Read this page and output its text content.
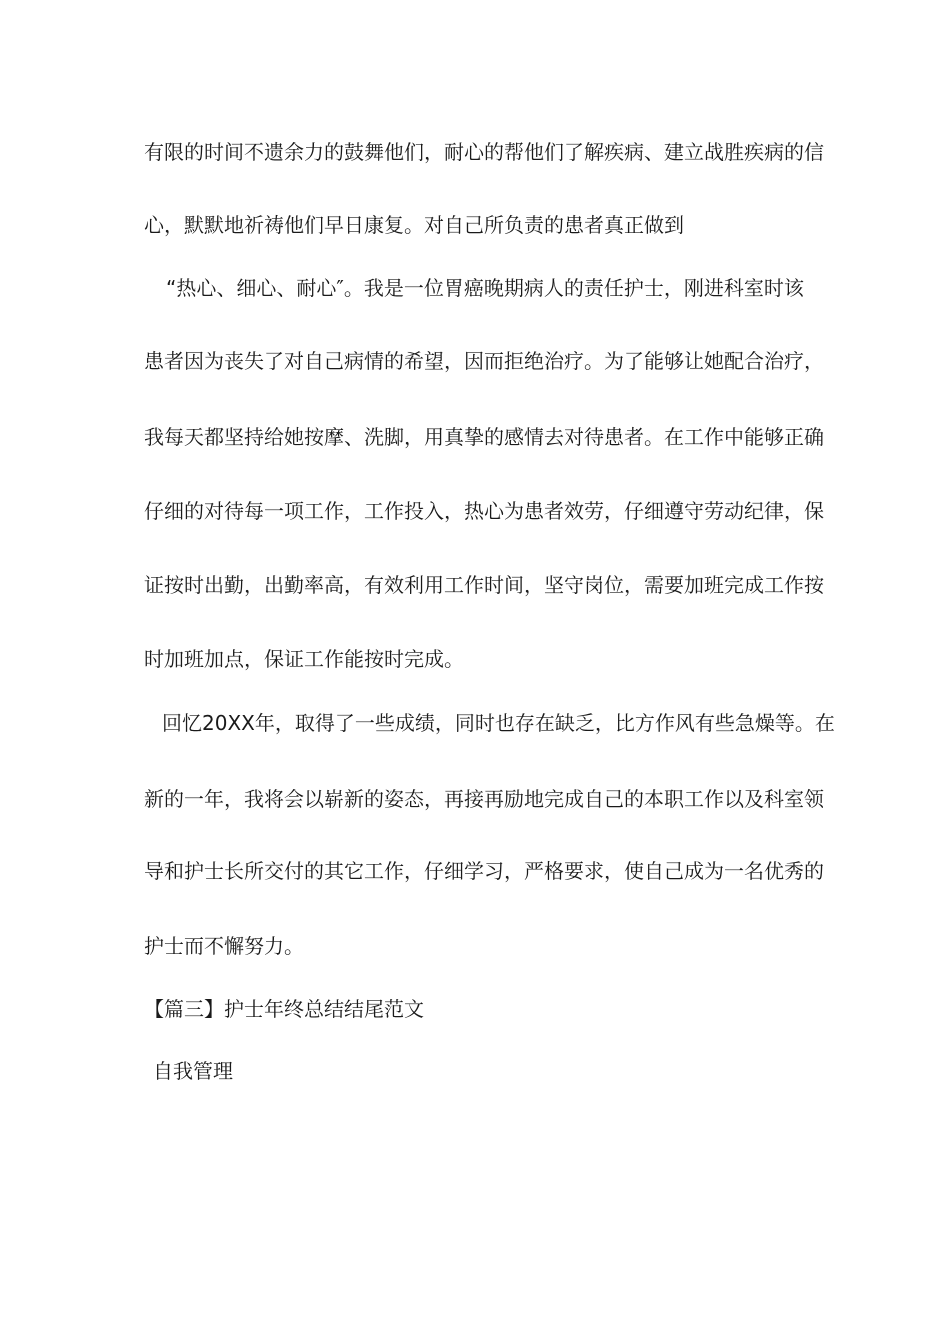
有限的时间不遗余力的鼓舞他们，耐心的帮他们了解疾病、建立战胜疾病的信
心，默默地祈祷他们早日康复。对自己所负责的患者真正做到
“热心、细心、耐心″。我是一位胃癌晚期病人的责任护士，刚进科室时该
患者因为丧失了对自己病情的希望，因而拒绝治疗。为了能够让她配合治疗，
我每天都坚持给她按摩、洗脚，用真挚的感情去对待患者。在工作中能够正确
仔细的对待每一项工作，工作投入，热心为患者效劳，仔细遵守劳动纪律，保
证按时出勤，出勤率高，有效利用工作时间，坚守岗位，需要加班完成工作按
时加班加点，保证工作能按时完成。
回忆20XX年，取得了一些成绩，同时也存在缺乏，比方作风有些急燥等。在
新的一年，我将会以崭新的姿态，再接再励地完成自己的本职工作以及科室领
导和护士长所交付的其它工作，仔细学习，严格要求，使自己成为一名优秀的
护士而不懈努力。
【篇三】护士年终总结结尾范文
自我管理
